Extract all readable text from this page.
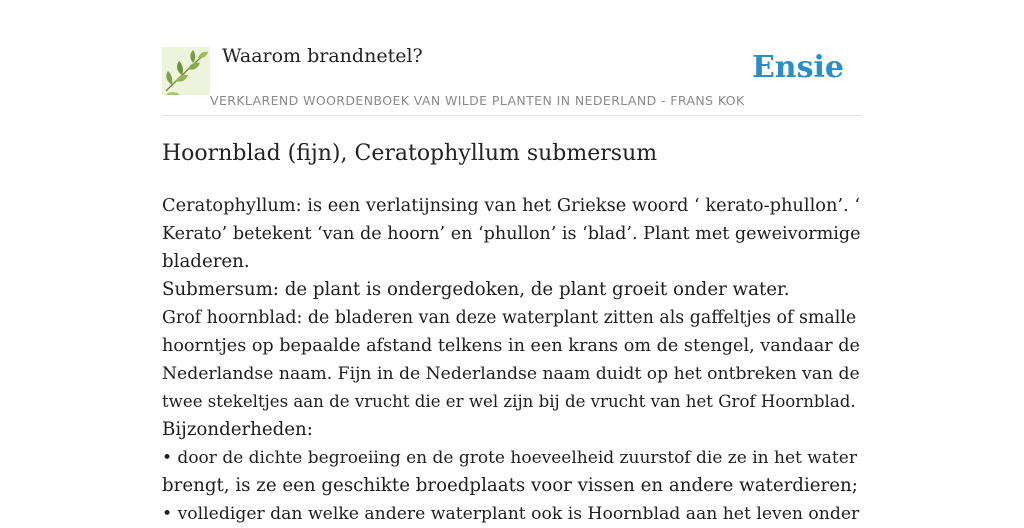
Waarom brandnetel?	Ensie
VERKLAREND WOORDENBOEK VAN WILDE PLANTEN IN NEDERLAND - FRANS KOK
Hoornblad (fijn), Ceratophyllum submersum
Ceratophyllum: is een verlatijnsing van het Griekse woord ‘ kerato-phullon’. ‘
Kerato’ betekent ‘van de hoorn’ en ‘phullon’ is ‘blad’. Plant met geweivormige
bladeren.
Submersum: de plant is ondergedoken, de plant groeit onder water.
Grof hoornblad: de bladeren van deze waterplant zitten als gaffeltjes of smalle
hoorntjes op bepaalde afstand telkens in een krans om de stengel, vandaar de
Nederlandse naam. Fijn in de Nederlandse naam duidt op het ontbreken van de
twee stekeltjes aan de vrucht die er wel zijn bij de vrucht van het Grof Hoornblad.
Bijzonderheden:
• door de dichte begroeiing en de grote hoeveelheid zuurstof die ze in het water
brengt, is ze een geschikte broedplaats voor vissen en andere waterdieren;
• vollediger dan welke andere waterplant ook is Hoornblad aan het leven onder
